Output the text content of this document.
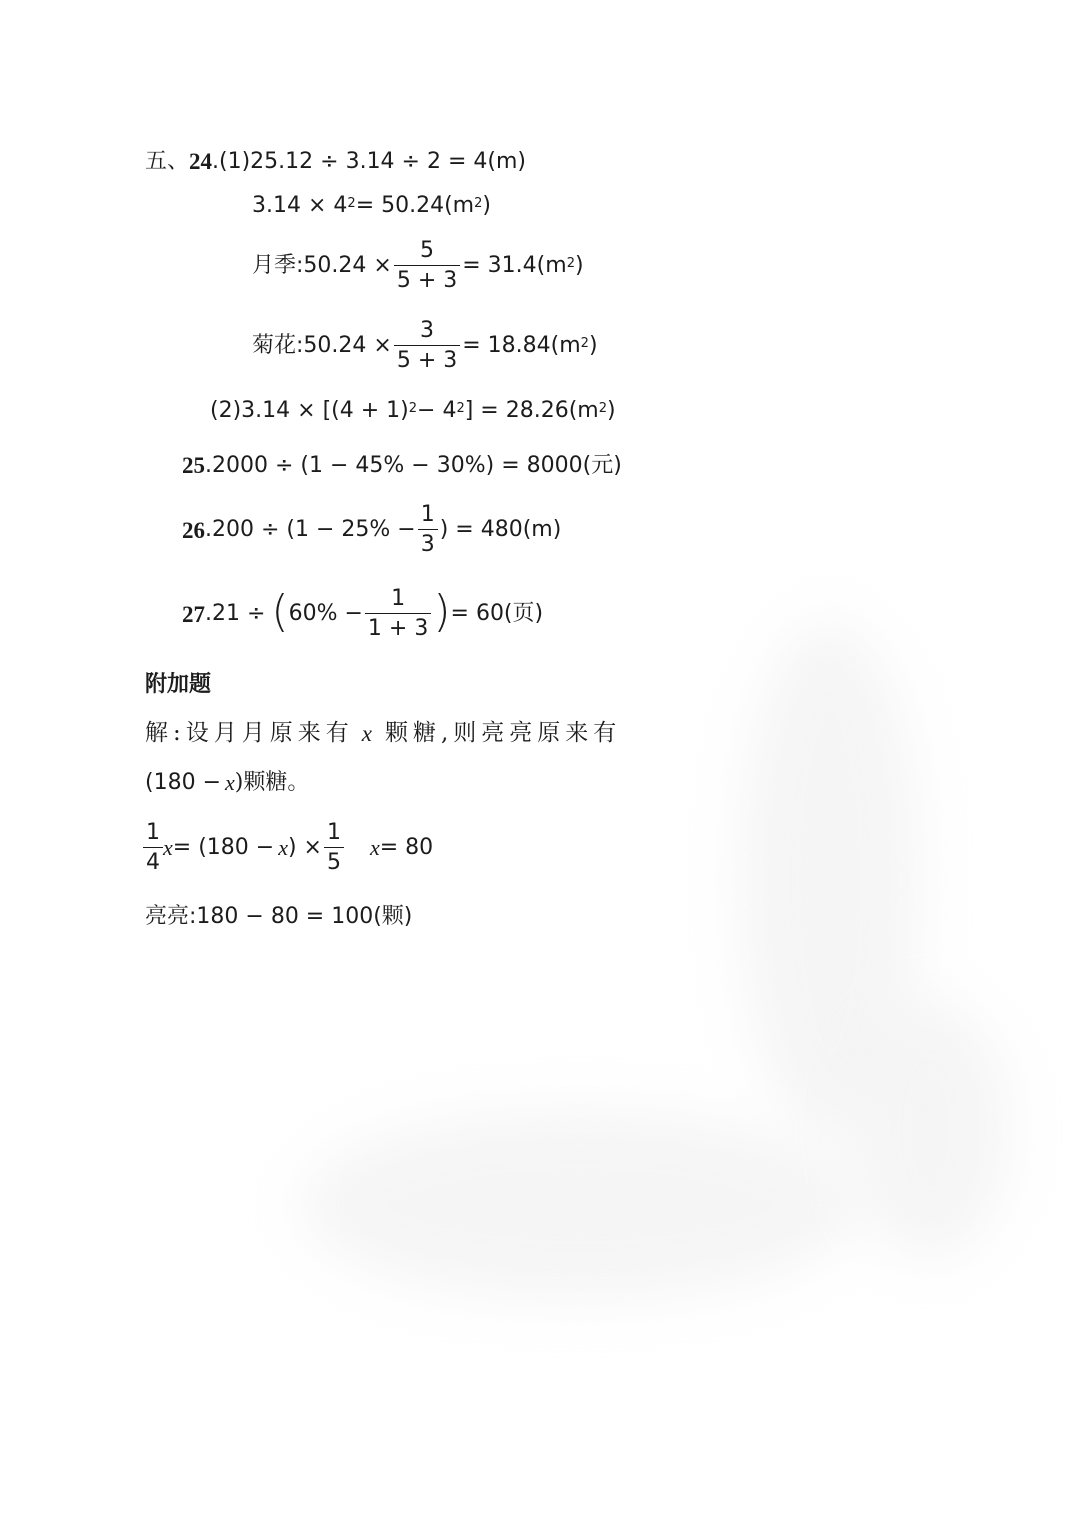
五、 24 .(1)25.12 ÷ 3.14 ÷ 2 = 4(m)
$3.14 \times 4^2 = 50.24(m^2$ )
月季:50.24 × $\frac{5}{5 + 3} = 31.4(m^2$ )
菊花:50.24 × $\frac{3}{5 + 3} = 18.84(m^2$ )
$(2)3.14 \times [(4 + 1)^2 - 4^2$ ] = $28.26(m^2$ )
25 .2000 ÷ (1 − 45% − 30%) = 8000(元)
26 $.200 \div (1 - 25\% - \frac{1}{3}$ ) = 480(m)
27 .21 ÷ ( $60\% - \frac{1}{1 + 3}$ ) = 60(页)
附加题
解:设月月原来有 x 颗糖,则亮亮原来有
(180 − x )颗糖。
$\frac{1}{4}$ x = (180 − x ) × $\frac{1}{5}$ x = 80
亮亮:180 − 80 = 100(颗)
